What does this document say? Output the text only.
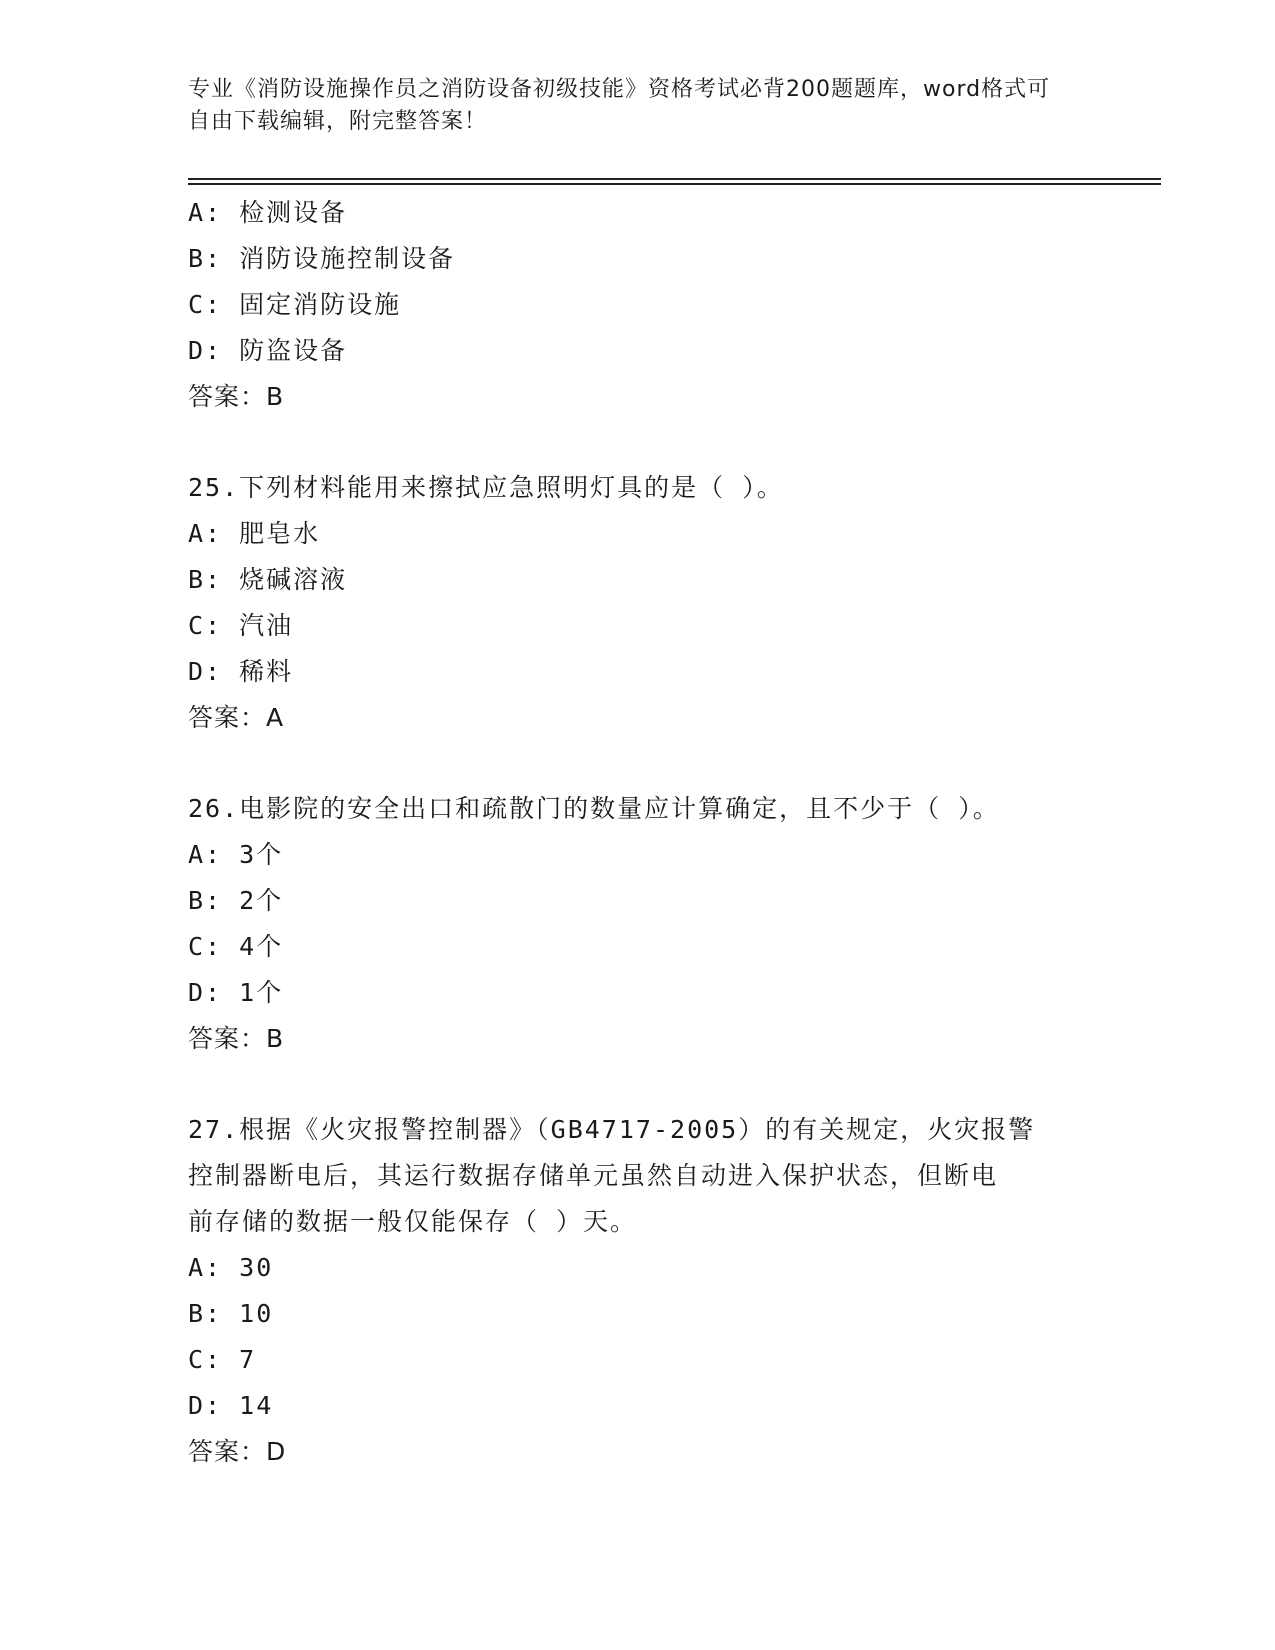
专业《消防设施操作员之消防设备初级技能》资格考试必背200题题库，word格式可自由下载编辑，附完整答案！
A: 检测设备
B: 消防设施控制设备
C: 固定消防设施
D: 防盗设备
答案：B
25.下列材料能用来擦拭应急照明灯具的是（ ）。
A: 肥皂水
B: 烧碱溶液
C: 汽油
D: 稀料
答案：A
26.电影院的安全出口和疏散门的数量应计算确定，且不少于（ ）。
A: 3个
B: 2个
C: 4个
D: 1个
答案：B
27.根据《火灾报警控制器》（GB4717-2005）的有关规定，火灾报警
控制器断电后，其运行数据存储单元虽然自动进入保护状态，但断电
前存储的数据一般仅能保存（ ）天。
A: 30
B: 10
C: 7
D: 14
答案：D
